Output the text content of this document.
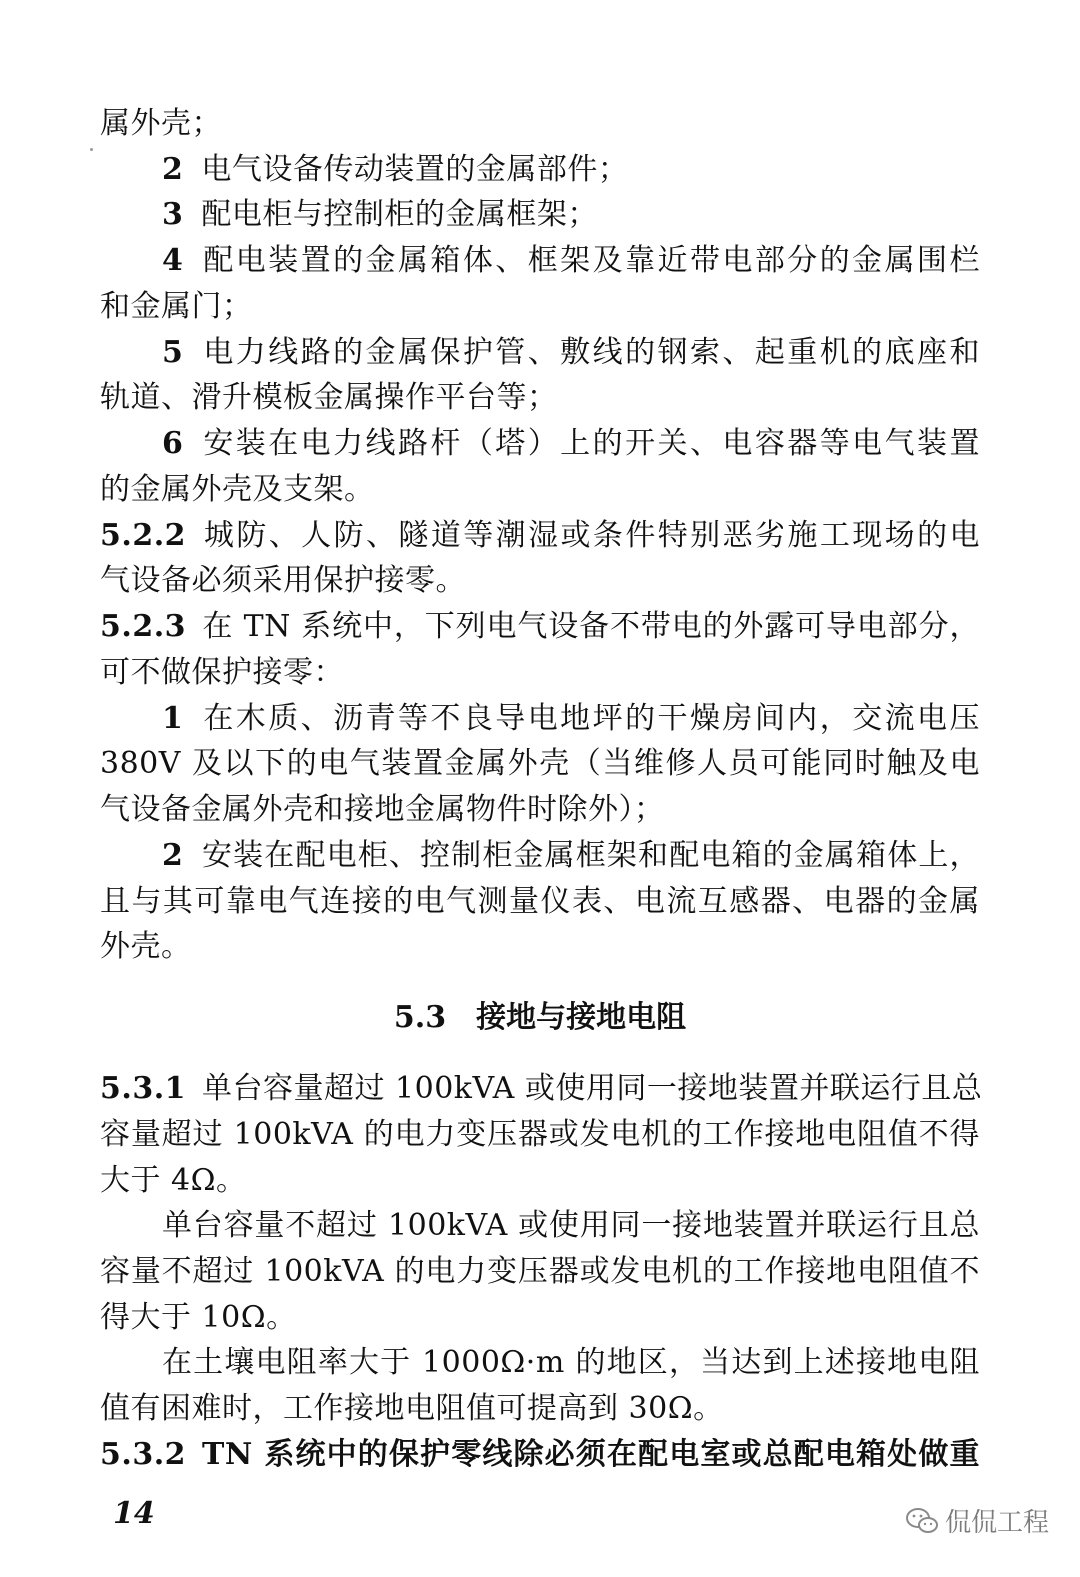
属外壳；
2 电气设备传动装置的金属部件；
3 配电柜与控制柜的金属框架；
4 配电装置的金属箱体、框架及靠近带电部分的金属围栏
和金属门；
5 电力线路的金属保护管、敷线的钢索、起重机的底座和
轨道、滑升模板金属操作平台等；
6 安装在电力线路杆（塔）上的开关、电容器等电气装置
的金属外壳及支架。
5.2.2 城防、人防、隧道等潮湿或条件特别恶劣施工现场的电
气设备必须采用保护接零。
5.2.3 在 TN 系统中，下列电气设备不带电的外露可导电部分，
可不做保护接零：
1 在木质、沥青等不良导电地坪的干燥房间内，交流电压
380V 及以下的电气装置金属外壳（当维修人员可能同时触及电
气设备金属外壳和接地金属物件时除外）；
2 安装在配电柜、控制柜金属框架和配电箱的金属箱体上，
且与其可靠电气连接的电气测量仪表、电流互感器、电器的金属
外壳。
5.3 接地与接地电阻
5.3.1 单台容量超过 100kVA 或使用同一接地装置并联运行且总
容量超过 100kVA 的电力变压器或发电机的工作接地电阻值不得
大于 4Ω。
单台容量不超过 100kVA 或使用同一接地装置并联运行且总
容量不超过 100kVA 的电力变压器或发电机的工作接地电阻值不
得大于 10Ω。
在土壤电阻率大于 1000Ω·m 的地区，当达到上述接地电阻
值有困难时，工作接地电阻值可提高到 30Ω。
5.3.2 TN 系统中的保护零线除必须在配电室或总配电箱处做重
14	侃侃工程
